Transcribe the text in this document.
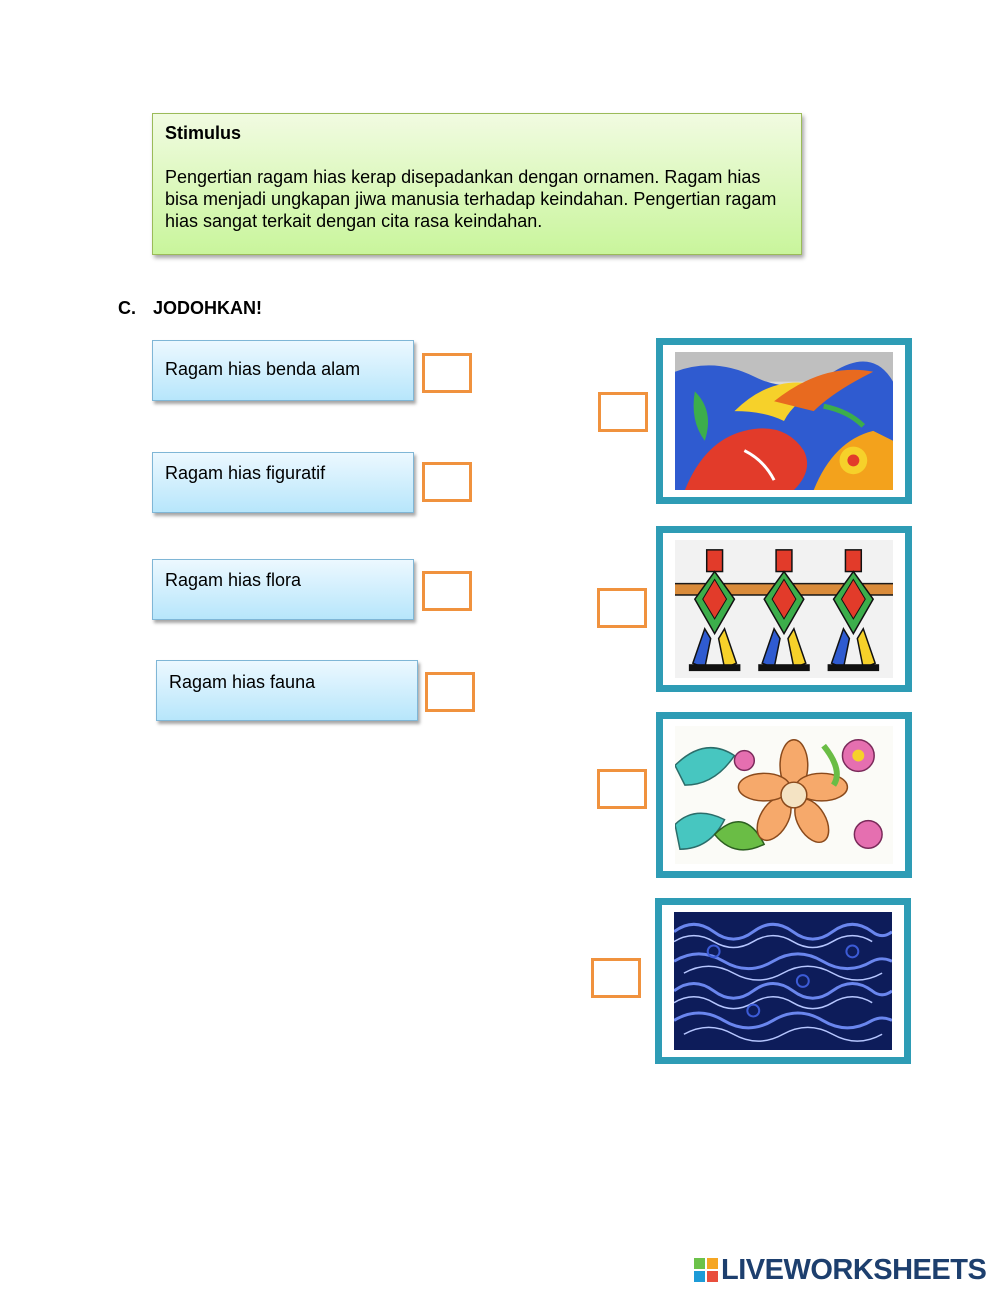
Stimulus
Pengertian ragam hias kerap disepadankan dengan ornamen. Ragam hias bisa menjadi ungkapan jiwa manusia terhadap keindahan. Pengertian ragam hias sangat terkait dengan cita rasa keindahan.
C. JODOHKAN!
Ragam hias benda alam
Ragam hias figuratif
Ragam hias flora
Ragam hias fauna
LIVEWORKSHEETS
